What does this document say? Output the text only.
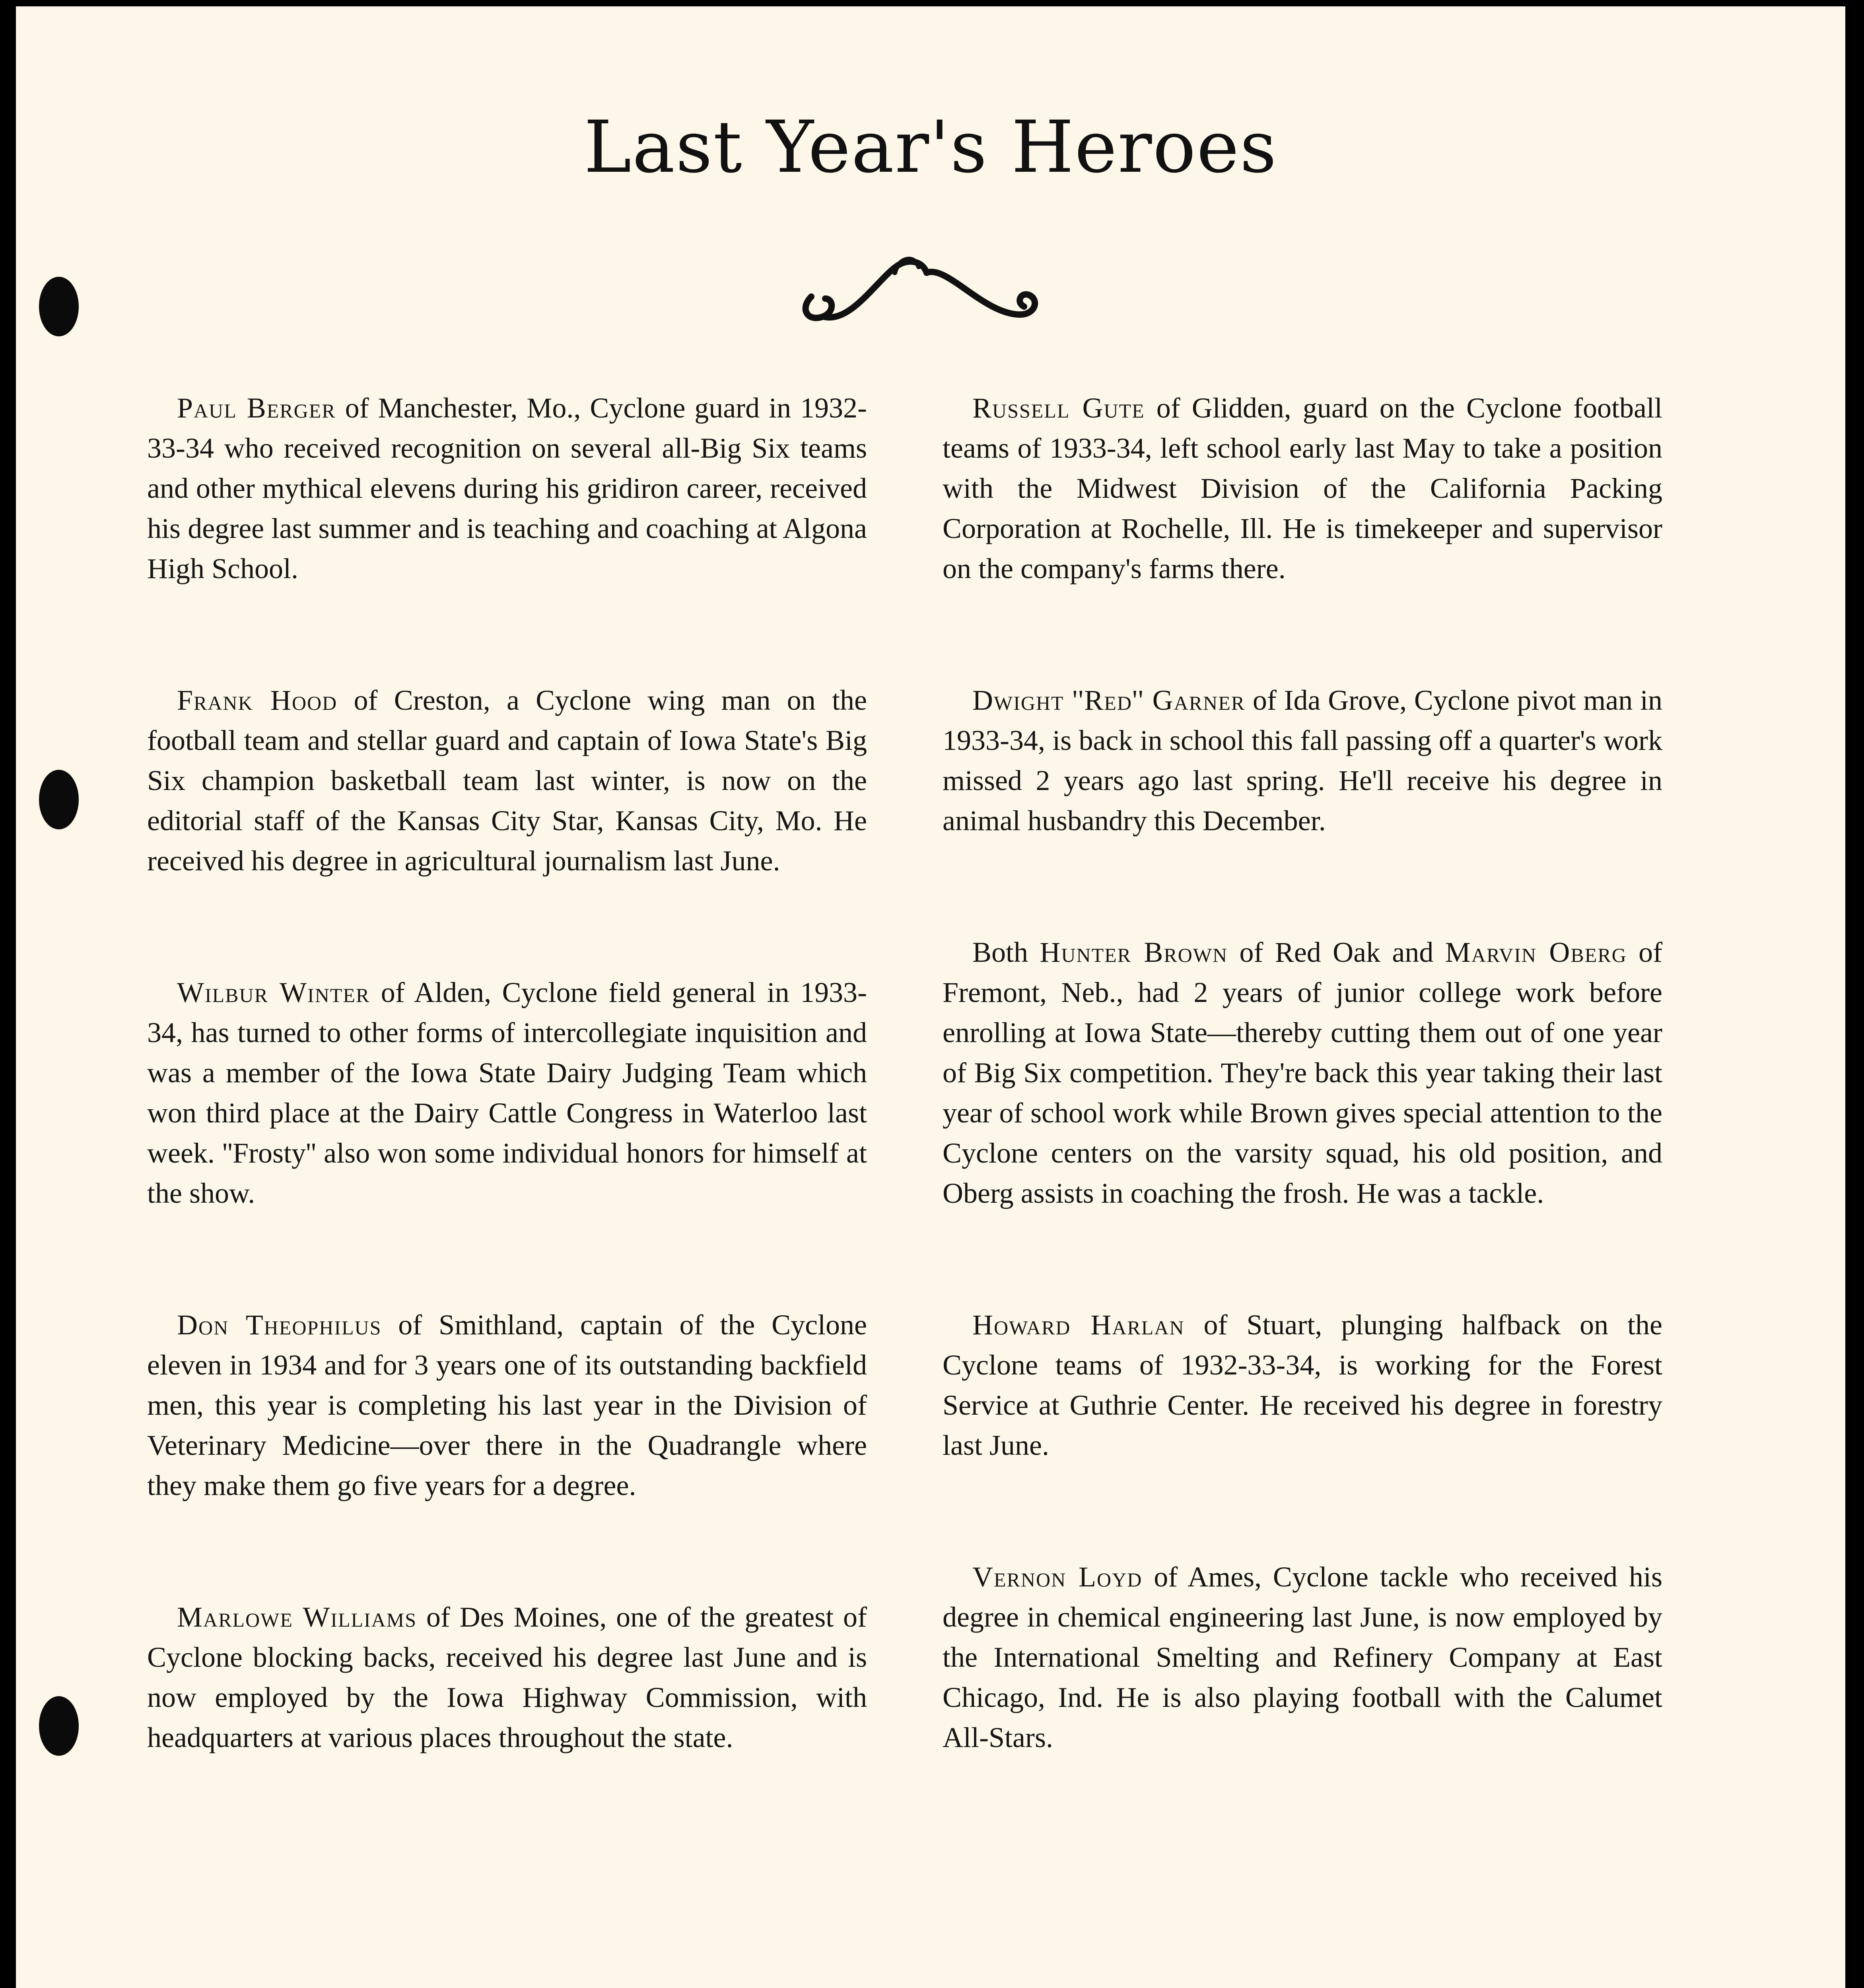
Last Year's Heroes

Paul Berger of Manchester, Mo., Cyclone guard in 1932-33-34 who received recognition on several all-Big Six teams and other mythical elevens during his gridiron career, received his degree last summer and is teaching and coaching at Algona High School.

Frank Hood of Creston, a Cyclone wing man on the football team and stellar guard and captain of Iowa State's Big Six champion basketball team last winter, is now on the editorial staff of the Kansas City Star, Kansas City, Mo. He received his degree in agricultural journalism last June.

Wilbur Winter of Alden, Cyclone field general in 1933-34, has turned to other forms of intercollegiate inquisition and was a member of the Iowa State Dairy Judging Team which won third place at the Dairy Cattle Congress in Waterloo last week. ''Frosty'' also won some individual honors for himself at the show.

Don Theophilus of Smithland, captain of the Cyclone eleven in 1934 and for 3 years one of its outstanding backfield men, this year is completing his last year in the Division of Veterinary Medicine—over there in the Quadrangle where they make them go five years for a degree.

Marlowe Williams of Des Moines, one of the greatest of Cyclone blocking backs, received his degree last June and is now employed by the Iowa Highway Commission, with headquarters at various places throughout the state.

Russell Gute of Glidden, guard on the Cyclone football teams of 1933-34, left school early last May to take a position with the Midwest Division of the California Packing Corporation at Rochelle, Ill. He is timekeeper and supervisor on the company's farms there.

Dwight ''Red'' Garner of Ida Grove, Cyclone pivot man in 1933-34, is back in school this fall passing off a quarter's work missed 2 years ago last spring. He'll receive his degree in animal husbandry this December.

Both Hunter Brown of Red Oak and Marvin Oberg of Fremont, Neb., had 2 years of junior college work before enrolling at Iowa State—thereby cutting them out of one year of Big Six competition. They're back this year taking their last year of school work while Brown gives special attention to the Cyclone centers on the varsity squad, his old position, and Oberg assists in coaching the frosh. He was a tackle.

Howard Harlan of Stuart, plunging halfback on the Cyclone teams of 1932-33-34, is working for the Forest Service at Guthrie Center. He received his degree in forestry last June.

Vernon Loyd of Ames, Cyclone tackle who received his degree in chemical engineering last June, is now employed by the International Smelting and Refinery Company at East Chicago, Ind. He is also playing football with the Calumet All-Stars.
